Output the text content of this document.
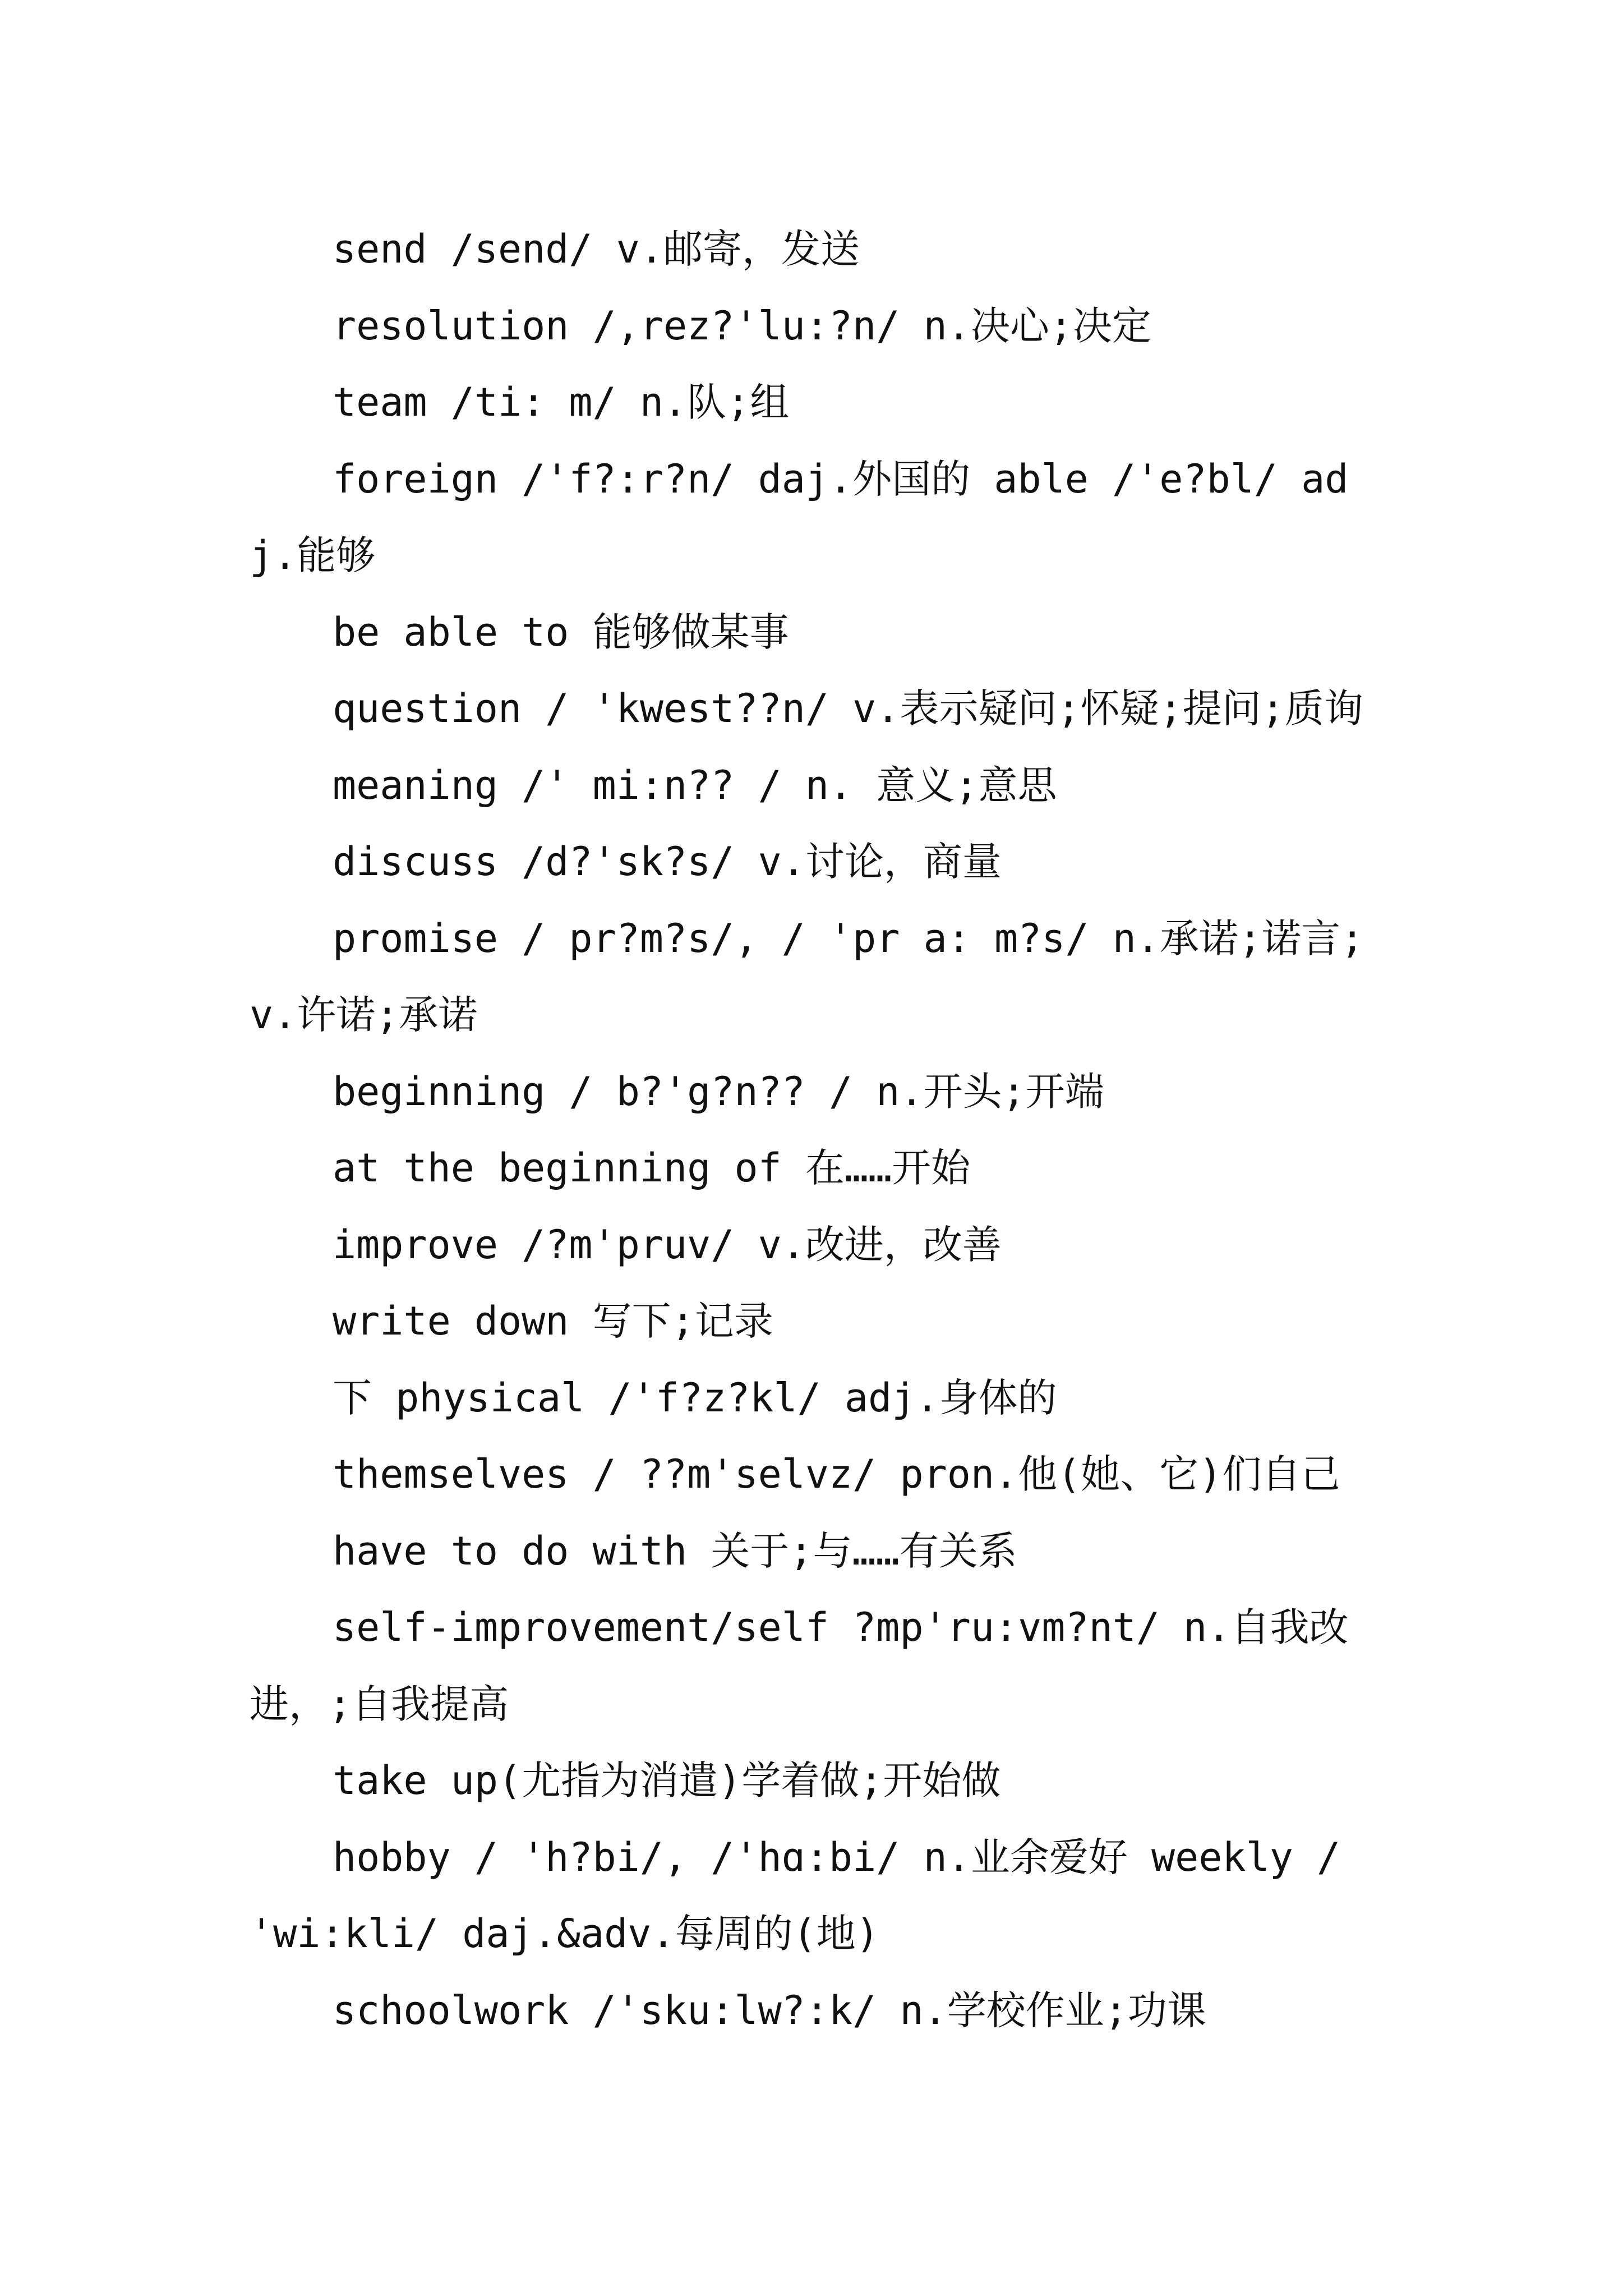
send /send/ v.邮寄，发送

resolution /,rez?'lu:?n/ n.决心;决定

team /ti: m/ n.队;组

foreign /'f?:r?n/ daj.外国的 able /'e?bl/ adj.能够

be able to 能够做某事

question / 'kwest??n/ v.表示疑问;怀疑;提问;质询

meaning /' mi:n?? / n. 意义;意思

discuss /d?'sk?s/ v.讨论，商量

promise / pr?m?s/, / 'pr a: m?s/ n.承诺;诺言;v.许诺;承诺

beginning / b?'g?n?? / n.开头;开端

at the beginning of 在……开始

improve /?m'pruv/ v.改进，改善

write down 写下;记录

下 physical /'f?z?kl/ adj.身体的

themselves / ??m'selvz/ pron.他(她、它)们自己

have to do with 关于;与……有关系

self-improvement/self ?mp'ru:vm?nt/ n.自我改进，;自我提高

take up(尤指为消遣)学着做;开始做

hobby / 'h?bi/, /'hɑ:bi/ n.业余爱好 weekly / 'wi:kli/ daj.&adv.每周的(地)

schoolwork /'sku:lw?:k/ n.学校作业;功课
